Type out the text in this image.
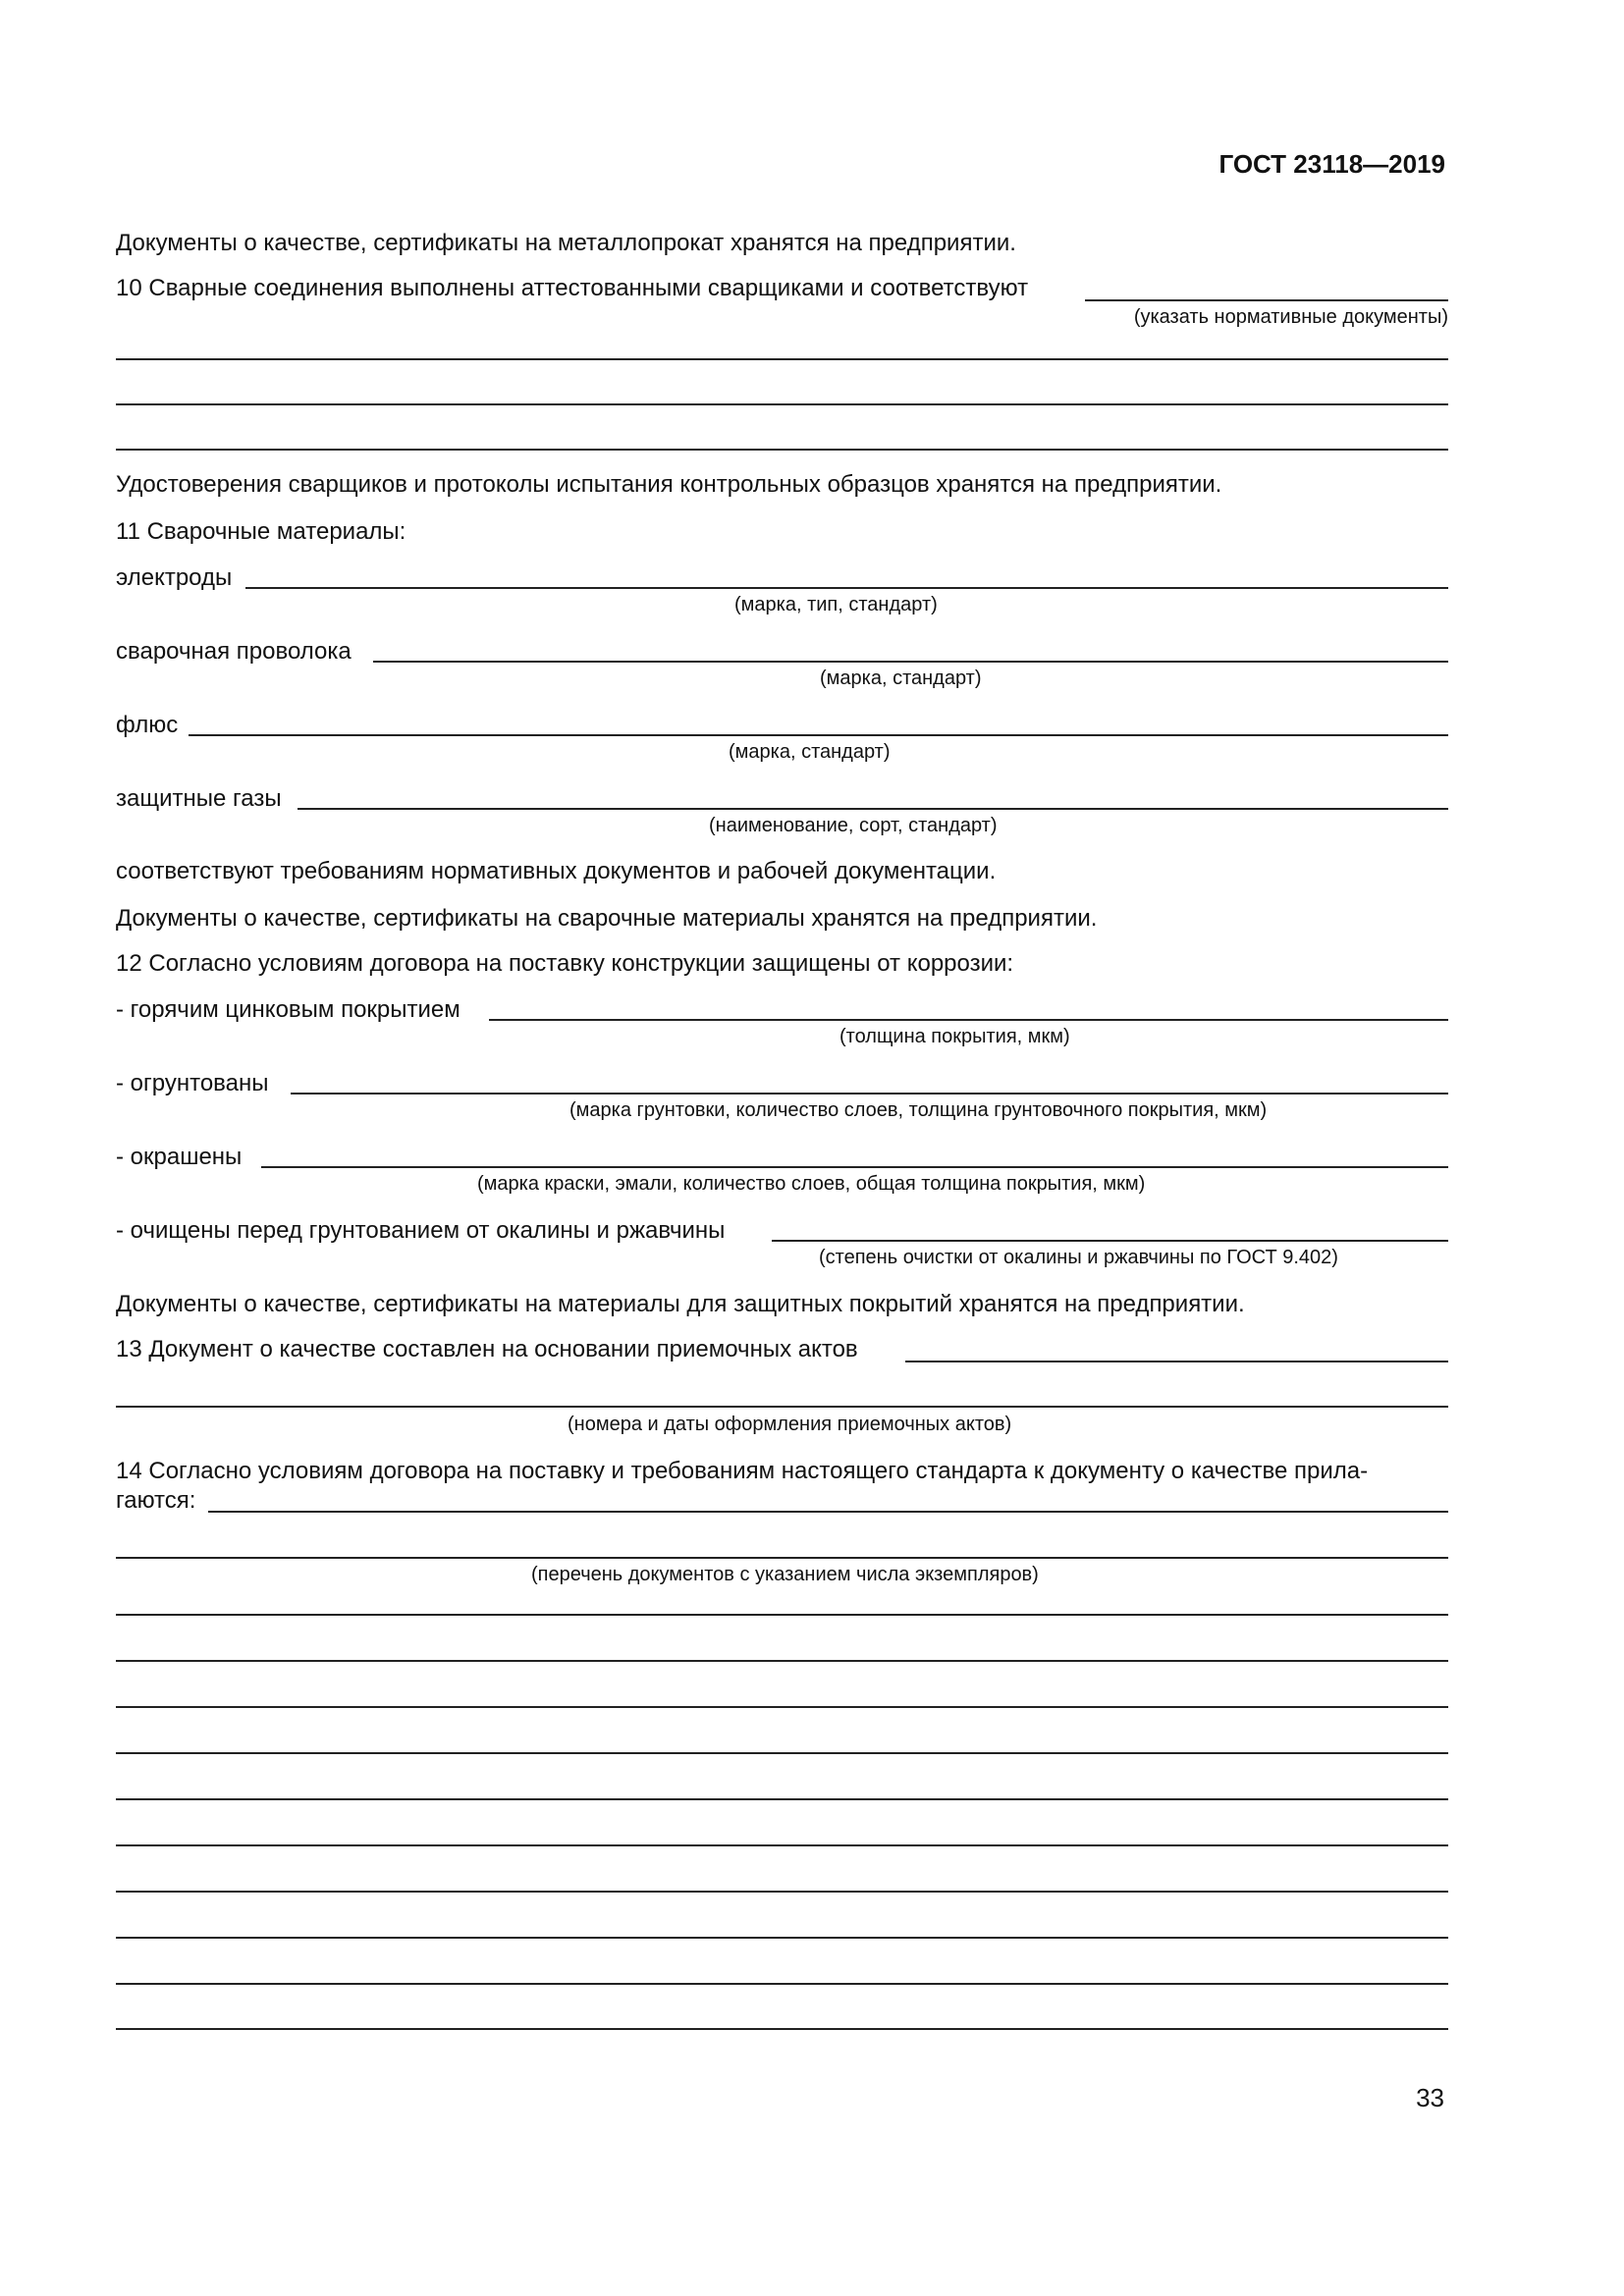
ГОСТ 23118—2019
Документы о качестве, сертификаты на металлопрокат хранятся на предприятии.
10 Сварные соединения выполнены аттестованными сварщиками и соответствуют
(указать нормативные документы)
Удостоверения сварщиков и протоколы испытания контрольных образцов хранятся на предприятии.
11 Сварочные материалы:
электроды
(марка, тип, стандарт)
сварочная проволока
(марка, стандарт)
флюс
(марка, стандарт)
защитные газы
(наименование, сорт, стандарт)
соответствуют требованиям нормативных документов и рабочей документации.
Документы о качестве, сертификаты на сварочные материалы хранятся на предприятии.
12 Согласно условиям договора на поставку конструкции защищены от коррозии:
- горячим цинковым покрытием
(толщина покрытия, мкм)
- огрунтованы
(марка грунтовки, количество слоев, толщина грунтовочного покрытия, мкм)
- окрашены
(марка краски, эмали, количество слоев, общая толщина покрытия, мкм)
- очищены перед грунтованием от окалины и ржавчины
(степень очистки от окалины и ржавчины по ГОСТ 9.402)
Документы о качестве, сертификаты на материалы для защитных покрытий хранятся на предприятии.
13 Документ о качестве составлен на основании приемочных актов
(номера и даты оформления приемочных актов)
14 Согласно условиям договора на поставку и требованиям настоящего стандарта к документу о качестве прила-
гаются:
(перечень документов с указанием числа экземпляров)
33
